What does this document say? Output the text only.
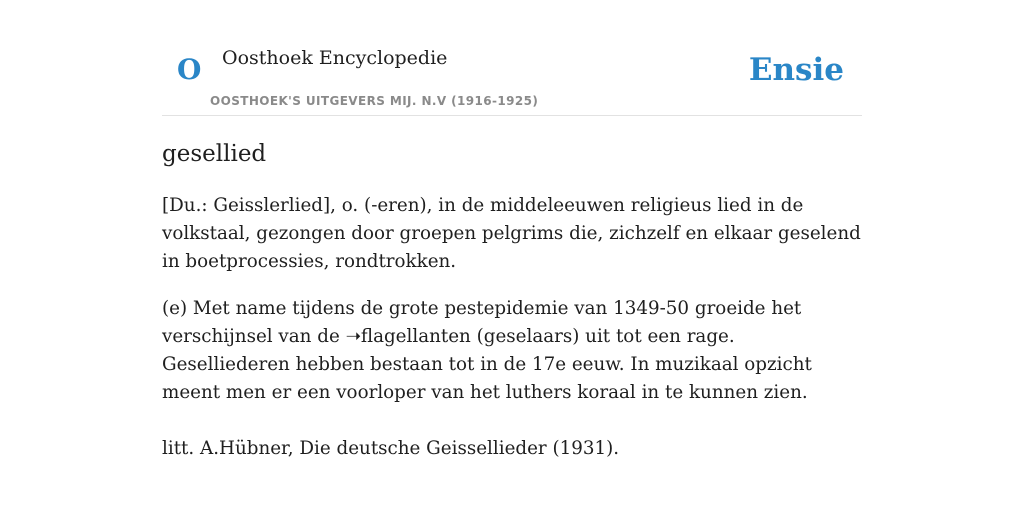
O Oosthoek Encyclopedie
OOSTHOEK'S UITGEVERS MIJ. N.V (1916-1925)
Ensie
gesellied

[Du.: Geisslerlied], o. (-eren), in de middeleeuwen religieus lied in de volkstaal, gezongen door groepen pelgrims die, zichzelf en elkaar geselend in boetprocessies, rondtrokken.

(e) Met name tijdens de grote pestepidemie van 1349-50 groeide het verschijnsel van de ➝flagellanten (geselaars) uit tot een rage. Geselliederen hebben bestaan tot in de 17e eeuw. In muzikaal opzicht meent men er een voorloper van het luthers koraal in te kunnen zien.

litt. A.Hübner, Die deutsche Geissellieder (1931).
